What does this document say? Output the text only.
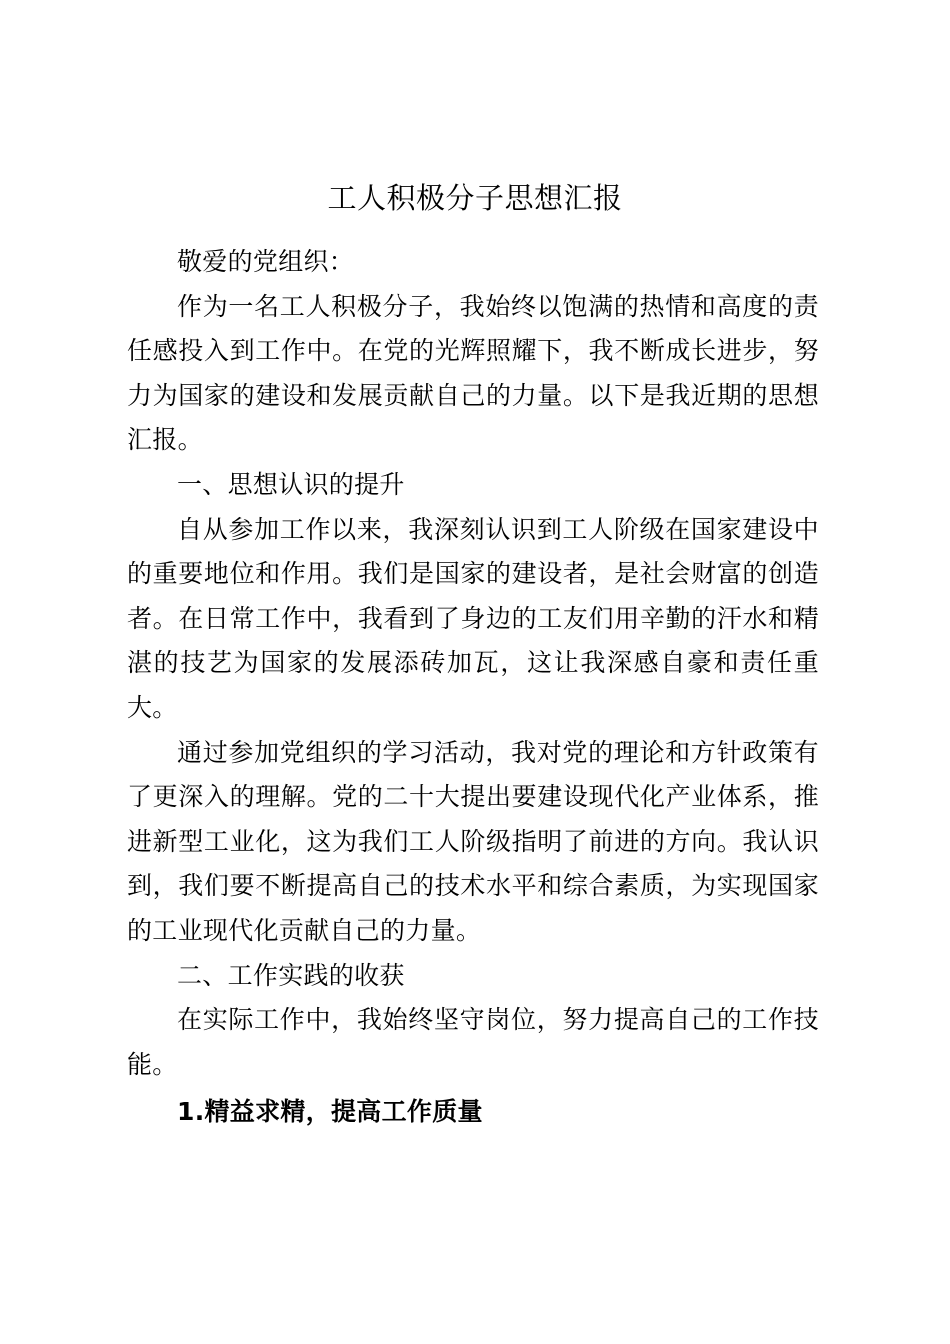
工人积极分子思想汇报

敬爱的党组织：

作为一名工人积极分子，我始终以饱满的热情和高度的责任感投入到工作中。在党的光辉照耀下，我不断成长进步，努力为国家的建设和发展贡献自己的力量。以下是我近期的思想汇报。

一、思想认识的提升

自从参加工作以来，我深刻认识到工人阶级在国家建设中的重要地位和作用。我们是国家的建设者，是社会财富的创造者。在日常工作中，我看到了身边的工友们用辛勤的汗水和精湛的技艺为国家的发展添砖加瓦，这让我深感自豪和责任重大。

通过参加党组织的学习活动，我对党的理论和方针政策有了更深入的理解。党的二十大提出要建设现代化产业体系，推进新型工业化，这为我们工人阶级指明了前进的方向。我认识到，我们要不断提高自己的技术水平和综合素质，为实现国家的工业现代化贡献自己的力量。

二、工作实践的收获

在实际工作中，我始终坚守岗位，努力提高自己的工作技能。

1.精益求精，提高工作质量
